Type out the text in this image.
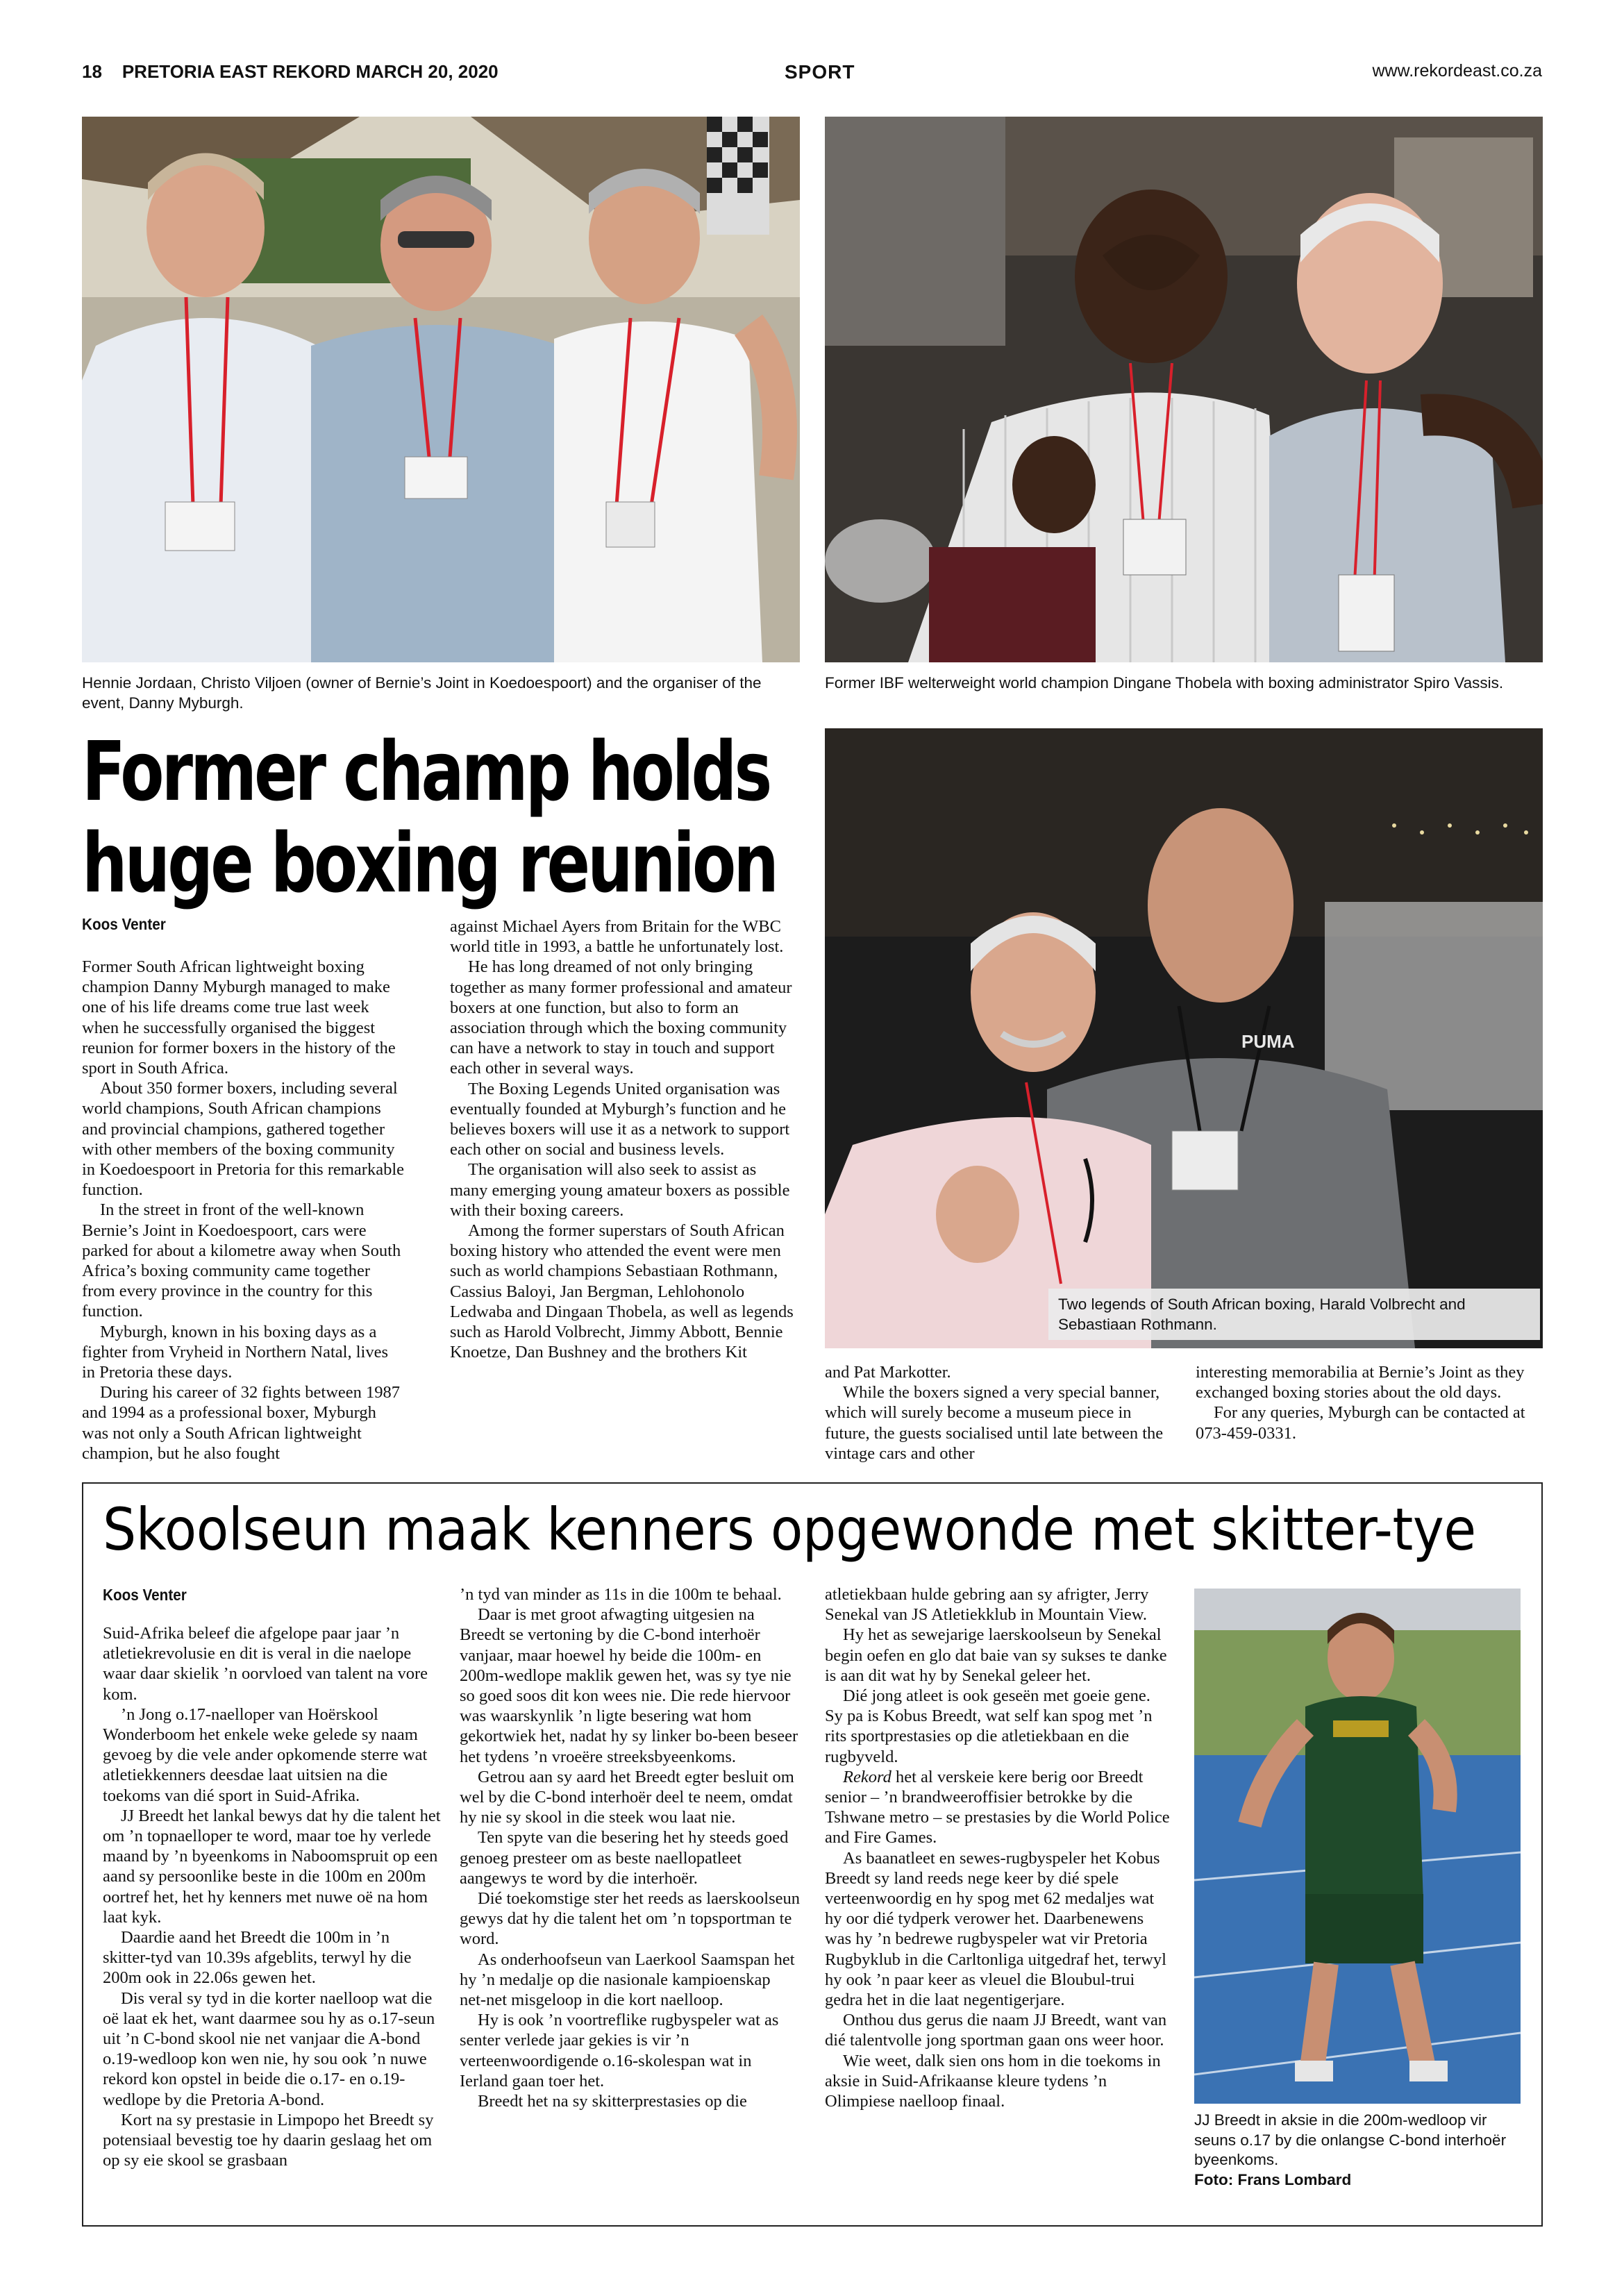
18 PRETORIA EAST REKORD MARCH 20, 2020	SPORT	www.rekordeast.co.za
Hennie Jordaan, Christo Viljoen (owner of Bernie’s Joint in Koedoespoort) and the organiser of the event, Danny Myburgh.
Former IBF welterweight world champion Dingane Thobela with boxing administrator Spiro Vassis.
Former champ holds
huge boxing reunion
PUMA
Two legends of South African boxing, Harald Volbrecht and Sebastiaan Rothmann.
Koos Venter

Former South African lightweight boxing champion Danny Myburgh managed to make one of his life dreams come true last week when he successfully organised the biggest reunion for former boxers in the history of the sport in South Africa.

About 350 former boxers, including several world champions, South African champions and provincial champions, gathered together with other members of the boxing community in Koedoespoort in Pretoria for this remarkable function.

In the street in front of the well-known Bernie’s Joint in Koedoespoort, cars were parked for about a kilometre away when South Africa’s boxing community came together from every province in the country for this function.

Myburgh, known in his boxing days as a fighter from Vryheid in Northern Natal, lives in Pretoria these days.

During his career of 32 fights between 1987 and 1994 as a professional boxer, Myburgh was not only a South African lightweight champion, but he also fought

against Michael Ayers from Britain for the WBC world title in 1993, a battle he unfortunately lost.

He has long dreamed of not only bringing together as many former professional and amateur boxers at one function, but also to form an association through which the boxing community can have a network to stay in touch and support each other in several ways.

The Boxing Legends United organisation was eventually founded at Myburgh’s function and he believes boxers will use it as a network to support each other on social and business levels.

The organisation will also seek to assist as many emerging young amateur boxers as possible with their boxing careers.

Among the former superstars of South African boxing history who attended the event were men such as world champions Sebastiaan Rothmann, Cassius Baloyi, Jan Bergman, Lehlohonolo Ledwaba and Dingaan Thobela, as well as legends such as Harold Volbrecht, Jimmy Abbott, Bennie Knoetze, Dan Bushney and the brothers Kit

and Pat Markotter.

While the boxers signed a very special banner, which will surely become a museum piece in future, the guests socialised until late between the vintage cars and other

interesting memorabilia at Bernie’s Joint as they exchanged boxing stories about the old days.

For any queries, Myburgh can be contacted at 073-459-0331.

Skoolseun maak kenners opgewonde met skitter-tye
Koos Venter

Suid-Afrika beleef die afgelope paar jaar ’n atletiekrevolusie en dit is veral in die naelope waar daar skielik ’n oorvloed van talent na vore kom.

’n Jong o.17-naelloper van Hoërskool Wonderboom het enkele weke gelede sy naam gevoeg by die vele ander opkomende sterre wat atletiekkenners deesdae laat uitsien na die toekoms van dié sport in Suid-Afrika.

JJ Breedt het lankal bewys dat hy die talent het om ’n topnaelloper te word, maar toe hy verlede maand by ’n byeenkoms in Naboomspruit op een aand sy persoonlike beste in die 100m en 200m oortref het, het hy kenners met nuwe oë na hom laat kyk.

Daardie aand het Breedt die 100m in ’n skitter-tyd van 10.39s afgeblits, terwyl hy die 200m ook in 22.06s gewen het.

Dis veral sy tyd in die korter naelloop wat die oë laat ek het, want daarmee sou hy as o.17-seun uit ’n C-bond skool nie net vanjaar die A-bond o.19-wedloop kon wen nie, hy sou ook ’n nuwe rekord kon opstel in beide die o.17- en o.19-wedlope by die Pretoria A-bond.

Kort na sy prestasie in Limpopo het Breedt sy potensiaal bevestig toe hy daarin geslaag het om op sy eie skool se grasbaan

’n tyd van minder as 11s in die 100m te behaal.

Daar is met groot afwagting uitgesien na Breedt se vertoning by die C-bond interhoër vanjaar, maar hoewel hy beide die 100m- en 200m-wedlope maklik gewen het, was sy tye nie so goed soos dit kon wees nie. Die rede hiervoor was waarskynlik ’n ligte besering wat hom gekortwiek het, nadat hy sy linker bo-been beseer het tydens ’n vroeëre streeksbyeenkoms.

Getrou aan sy aard het Breedt egter besluit om wel by die C-bond interhoër deel te neem, omdat hy nie sy skool in die steek wou laat nie.

Ten spyte van die besering het hy steeds goed genoeg presteer om as beste naellopatleet aangewys te word by die interhoër.

Dié toekomstige ster het reeds as laerskoolseun gewys dat hy die talent het om ’n topsportman te word.

As onderhoofseun van Laerkool Saamspan het hy ’n medalje op die nasionale kampioenskap net-net misgeloop in die kort naelloop.

Hy is ook ’n voortreflike rugbyspeler wat as senter verlede jaar gekies is vir ’n verteenwoordigende o.16-skolespan wat in Ierland gaan toer het.

Breedt het na sy skitterprestasies op die

atletiekbaan hulde gebring aan sy afrigter, Jerry Senekal van JS Atletiekklub in Mountain View.

Hy het as sewejarige laerskoolseun by Senekal begin oefen en glo dat baie van sy sukses te danke is aan dit wat hy by Senekal geleer het.

Dié jong atleet is ook geseën met goeie gene. Sy pa is Kobus Breedt, wat self kan spog met ’n rits sportprestasies op die atletiekbaan en die rugbyveld.

Rekord het al verskeie kere berig oor Breedt senior – ’n brandweeroffisier betrokke by die Tshwane metro – se prestasies by die World Police and Fire Games.

As baanatleet en sewes-rugbyspeler het Kobus Breedt sy land reeds nege keer by dié spele verteenwoordig en hy spog met 62 medaljes wat hy oor dié tydperk verower het. Daarbenewens was hy ’n bedrewe rugbyspeler wat vir Pretoria Rugbyklub in die Carltonliga uitgedraf het, terwyl hy ook ’n paar keer as vleuel die Bloubul-trui gedra het in die laat negentigerjare.

Onthou dus gerus die naam JJ Breedt, want van dié talentvolle jong sportman gaan ons weer hoor.

Wie weet, dalk sien ons hom in die toekoms in aksie in Suid-Afrikaanse kleure tydens ’n Olimpiese naelloop finaal.

JJ Breedt in aksie in die 200m-wedloop vir seuns o.17 by die onlangse C-bond interhoër byeenkoms.
Foto: Frans Lombard
